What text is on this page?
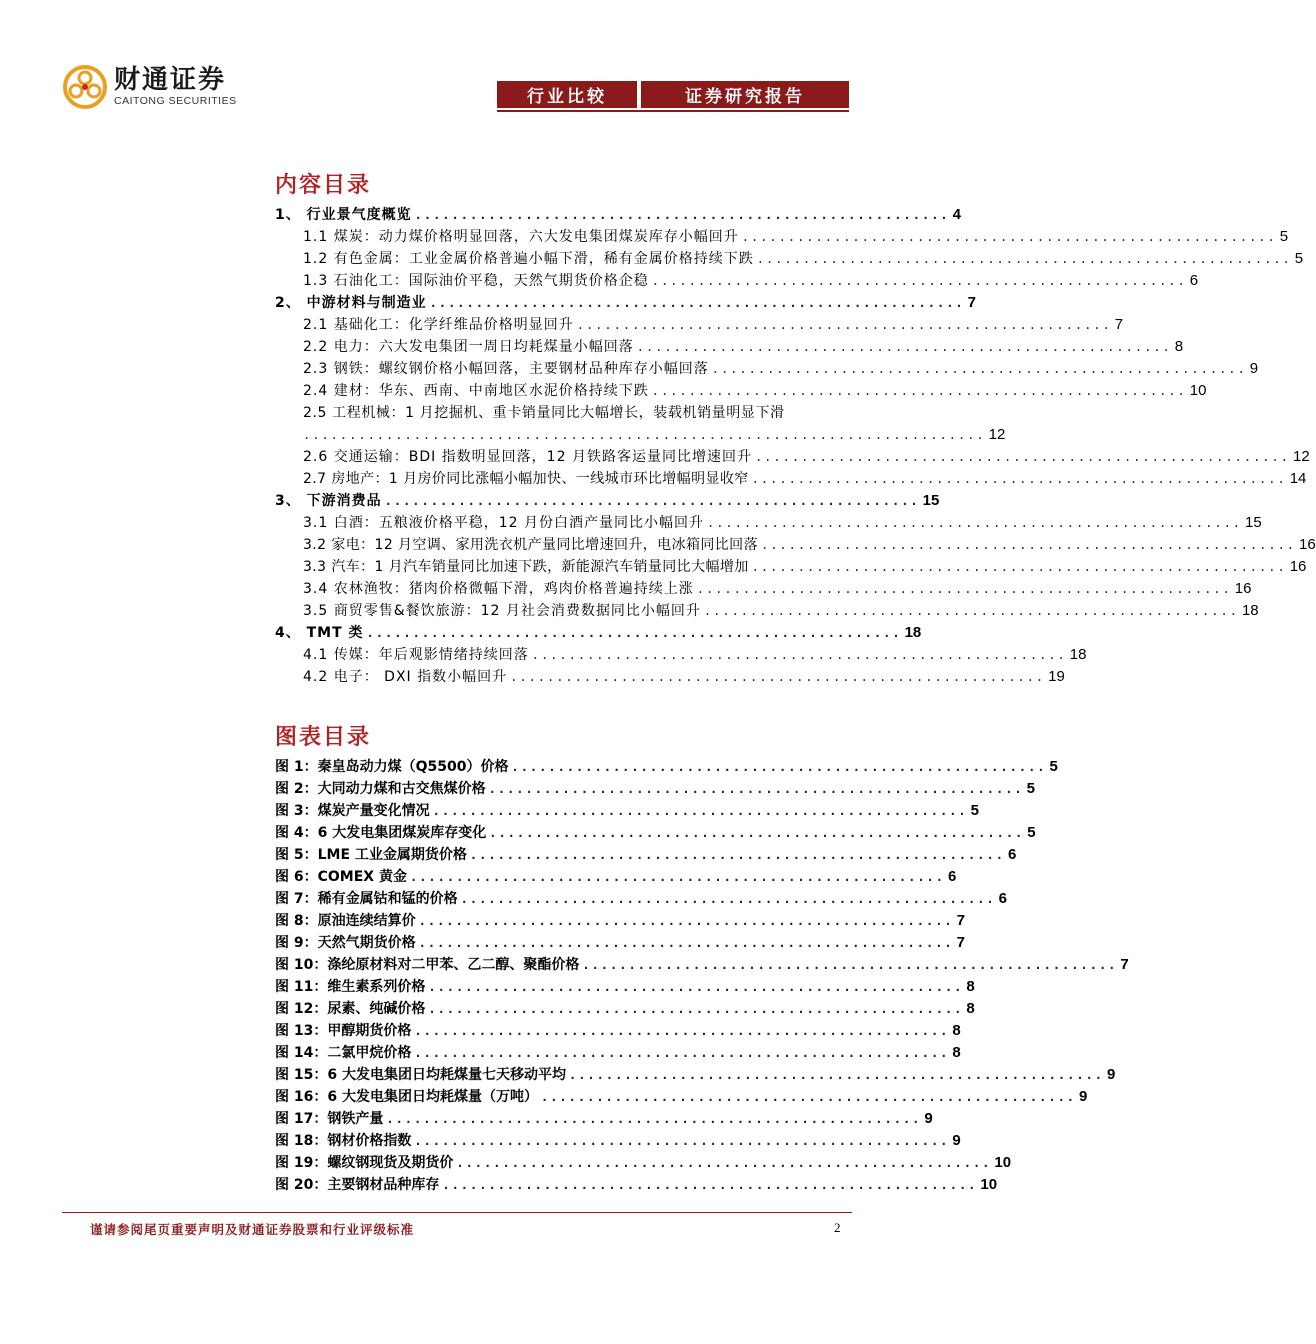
财通证券
CAITONG SECURITIES	行业比较	证券研究报告
内容目录
1、 行业景气度概览 .......................................................... 4
1.1 煤炭：动力煤价格明显回落，六大发电集团煤炭库存小幅回升 .......................................................... 5
1.2 有色金属：工业金属价格普遍小幅下滑，稀有金属价格持续下跌 .......................................................... 5
1.3 石油化工：国际油价平稳，天然气期货价格企稳 .......................................................... 6
2、 中游材料与制造业 .......................................................... 7
2.1 基础化工：化学纤维品价格明显回升 .......................................................... 7
2.2 电力：六大发电集团一周日均耗煤量小幅回落 .......................................................... 8
2.3 钢铁：螺纹钢价格小幅回落，主要钢材品种库存小幅回落 .......................................................... 9
2.4 建材：华东、西南、中南地区水泥价格持续下跌 .......................................................... 10
2.5 工程机械：1 月挖掘机、重卡销量同比大幅增长，装载机销量明显下滑
.......................................................................... 12
2.6 交通运输：BDI 指数明显回落，12 月铁路客运量同比增速回升 .......................................................... 12
2.7 房地产：1 月房价同比涨幅小幅加快、一线城市环比增幅明显收窄 .......................................................... 14
3、 下游消费品 .......................................................... 15
3.1 白酒：五粮液价格平稳，12 月份白酒产量同比小幅回升 .......................................................... 15
3.2 家电：12 月空调、家用洗衣机产量同比增速回升，电冰箱同比回落 .......................................................... 16
3.3 汽车：1 月汽车销量同比加速下跌，新能源汽车销量同比大幅增加 .......................................................... 16
3.4 农林渔牧：猪肉价格微幅下滑，鸡肉价格普遍持续上涨 .......................................................... 16
3.5 商贸零售&餐饮旅游：12 月社会消费数据同比小幅回升 .......................................................... 18
4、 TMT 类 .......................................................... 18
4.1 传媒：年后观影情绪持续回落 .......................................................... 18
4.2 电子： DXI 指数小幅回升 .......................................................... 19
图表目录
图 1：秦皇岛动力煤（Q5500）价格 .......................................................... 5
图 2：大同动力煤和古交焦煤价格 .......................................................... 5
图 3：煤炭产量变化情况 .......................................................... 5
图 4：6 大发电集团煤炭库存变化 .......................................................... 5
图 5：LME 工业金属期货价格 .......................................................... 6
图 6：COMEX 黄金 .......................................................... 6
图 7：稀有金属钴和锰的价格 .......................................................... 6
图 8：原油连续结算价 .......................................................... 7
图 9：天然气期货价格 .......................................................... 7
图 10：涤纶原材料对二甲苯、乙二醇、聚酯价格 .......................................................... 7
图 11：维生素系列价格 .......................................................... 8
图 12：尿素、纯碱价格 .......................................................... 8
图 13：甲醇期货价格 .......................................................... 8
图 14：二氯甲烷价格 .......................................................... 8
图 15：6 大发电集团日均耗煤量七天移动平均 .......................................................... 9
图 16：6 大发电集团日均耗煤量（万吨） .......................................................... 9
图 17：钢铁产量 .......................................................... 9
图 18：钢材价格指数 .......................................................... 9
图 19：螺纹钢现货及期货价 .......................................................... 10
图 20：主要钢材品种库存 .......................................................... 10
谨请参阅尾页重要声明及财通证券股票和行业评级标准	2
